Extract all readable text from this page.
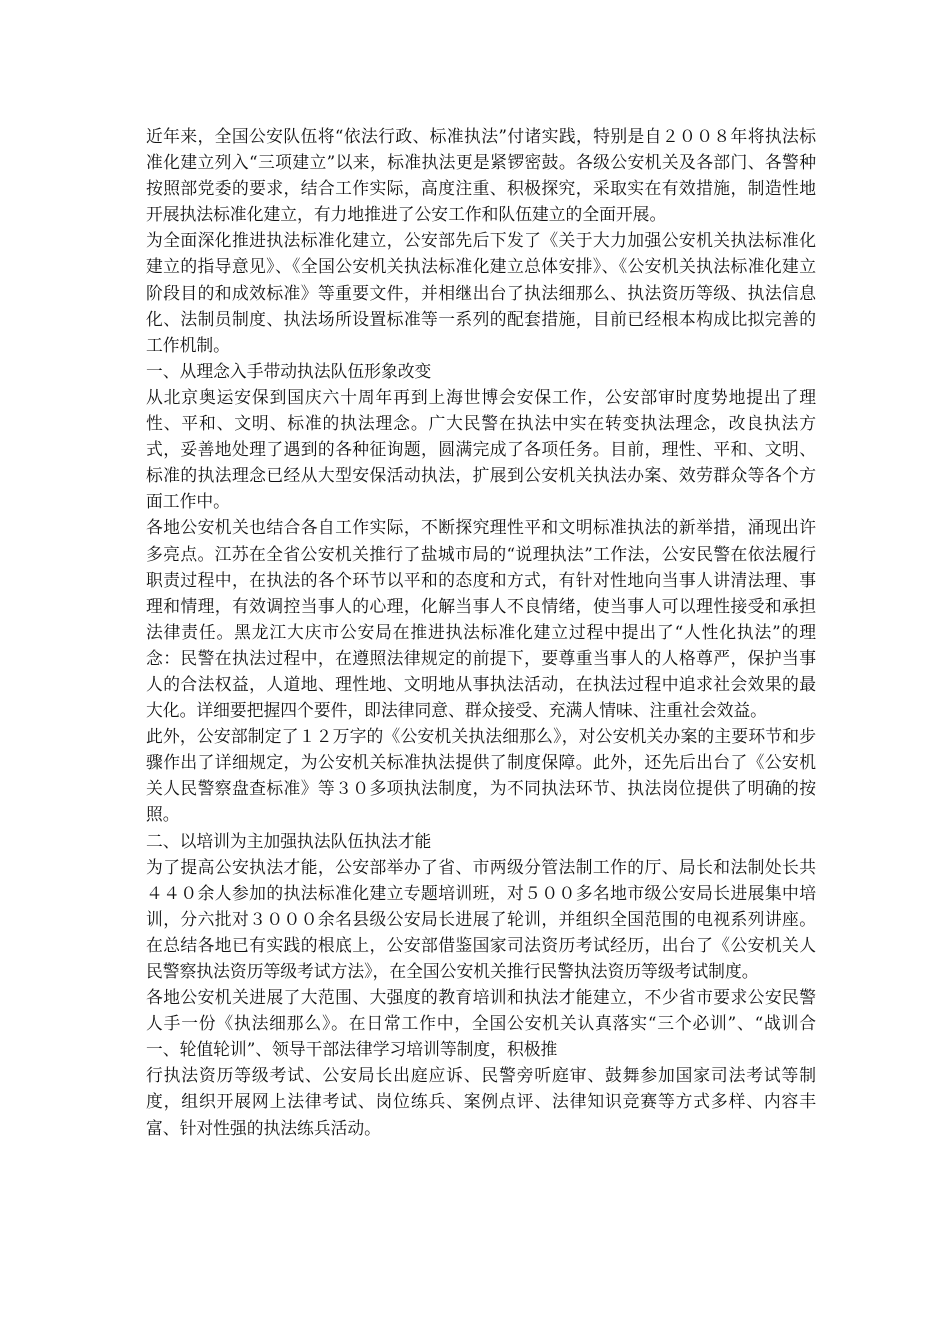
近年来，全国公安队伍将“依法行政、标准执法”付诸实践，特别是自２００８年将执法标准化建立列入“三项建立”以来，标准执法更是紧锣密鼓。各级公安机关及各部门、各警种按照部党委的要求，结合工作实际，高度注重、积极探究，采取实在有效措施，制造性地开展执法标准化建立，有力地推进了公安工作和队伍建立的全面开展。

为全面深化推进执法标准化建立，公安部先后下发了《关于大力加强公安机关执法标准化建立的指导意见》、《全国公安机关执法标准化建立总体安排》、《公安机关执法标准化建立阶段目的和成效标准》等重要文件，并相继出台了执法细那么、执法资历等级、执法信息化、法制员制度、执法场所设置标准等一系列的配套措施，目前已经根本构成比拟完善的工作机制。

一、从理念入手带动执法队伍形象改变

从北京奥运安保到国庆六十周年再到上海世博会安保工作，公安部审时度势地提出了理性、平和、文明、标准的执法理念。广大民警在执法中实在转变执法理念，改良执法方式，妥善地处理了遇到的各种征询题，圆满完成了各项任务。目前，理性、平和、文明、标准的执法理念已经从大型安保活动执法，扩展到公安机关执法办案、效劳群众等各个方面工作中。

各地公安机关也结合各自工作实际，不断探究理性平和文明标准执法的新举措，涌现出许多亮点。江苏在全省公安机关推行了盐城市局的“说理执法”工作法，公安民警在依法履行职责过程中，在执法的各个环节以平和的态度和方式，有针对性地向当事人讲清法理、事理和情理，有效调控当事人的心理，化解当事人不良情绪，使当事人可以理性接受和承担法律责任。黑龙江大庆市公安局在推进执法标准化建立过程中提出了“人性化执法”的理念：民警在执法过程中，在遵照法律规定的前提下，要尊重当事人的人格尊严，保护当事人的合法权益，人道地、理性地、文明地从事执法活动，在执法过程中追求社会效果的最大化。详细要把握四个要件，即法律同意、群众接受、充满人情味、注重社会效益。

此外，公安部制定了１２万字的《公安机关执法细那么》，对公安机关办案的主要环节和步骤作出了详细规定，为公安机关标准执法提供了制度保障。此外，还先后出台了《公安机关人民警察盘查标准》等３０多项执法制度，为不同执法环节、执法岗位提供了明确的按照。

二、以培训为主加强执法队伍执法才能

为了提高公安执法才能，公安部举办了省、市两级分管法制工作的厅、局长和法制处长共４４０余人参加的执法标准化建立专题培训班，对５００多名地市级公安局长进展集中培训，分六批对３０００余名县级公安局长进展了轮训，并组织全国范围的电视系列讲座。在总结各地已有实践的根底上，公安部借鉴国家司法资历考试经历，出台了《公安机关人民警察执法资历等级考试方法》，在全国公安机关推行民警执法资历等级考试制度。

各地公安机关进展了大范围、大强度的教育培训和执法才能建立，不少省市要求公安民警人手一份《执法细那么》。在日常工作中，全国公安机关认真落实“三个必训”、“战训合一、轮值轮训”、领导干部法律学习培训等制度，积极推

行执法资历等级考试、公安局长出庭应诉、民警旁听庭审、鼓舞参加国家司法考试等制度，组织开展网上法律考试、岗位练兵、案例点评、法律知识竞赛等方式多样、内容丰富、针对性强的执法练兵活动。
